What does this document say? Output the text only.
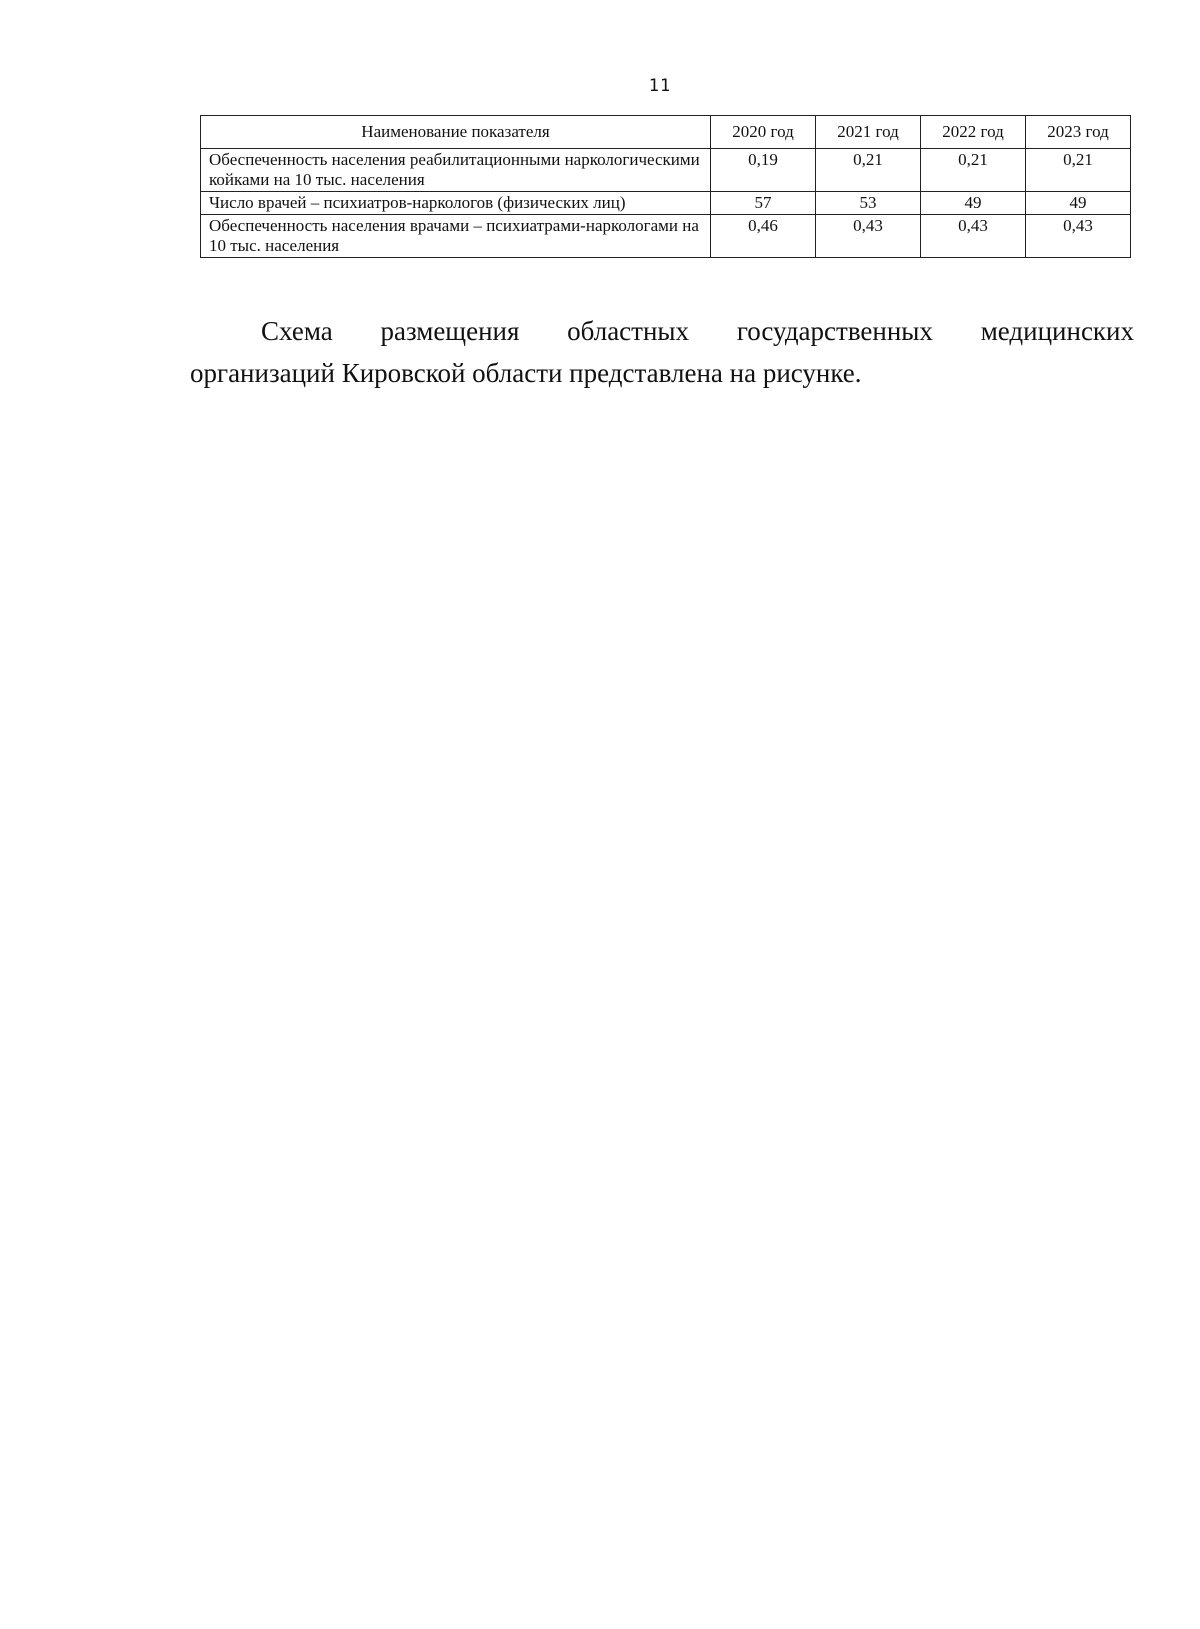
11
Наименование показателя	2020 год	2021 год	2022 год	2023 год
Обеспеченность населения реабилитационными наркологическими койками на 10 тыс. населения	0,19	0,21	0,21	0,21
Число врачей – психиатров-наркологов (физических лиц)	57	53	49	49
Обеспеченность населения врачами – психиатрами-наркологами на 10 тыс. населения	0,46	0,43	0,43	0,43
Схема размещения областных государственных медицинских
организаций Кировской области представлена на рисунке.
